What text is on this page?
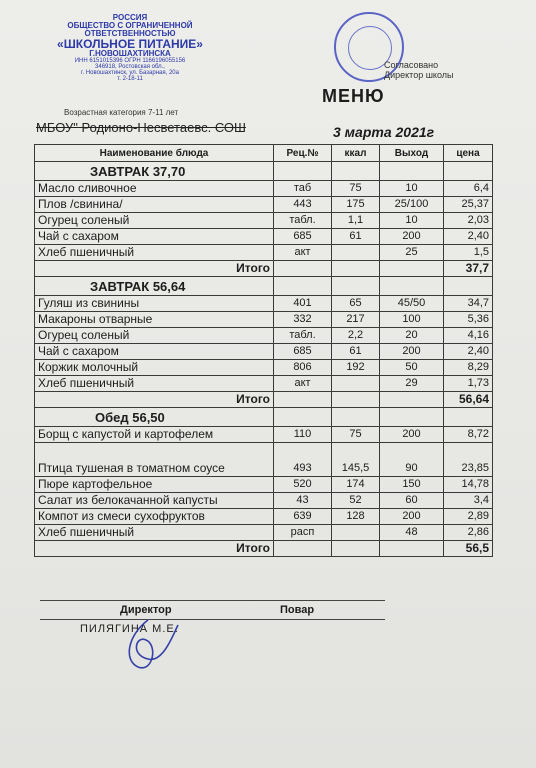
РОССИЯ
ОБЩЕСТВО С ОГРАНИЧЕННОЙ
ОТВЕТСТВЕННОСТЬЮ
«ШКОЛЬНОЕ ПИТАНИЕ»
Г.НОВОШАХТИНСКА
ИНН 6151015396 ОГРН 1166196055156
346918, Ростовская обл.,
г. Новошахтинск, ул. Базарная, 20а
т. 2-18-11
Согласовано
Директор школы
МЕНЮ
Возрастная категория 7-11 лет
МБОУ" Родионо-Несветаевс. СОШ	3 марта 2021г
Наименование блюда	Рец.№	ккал	Выход	цена
ЗАВТРАК 37,70				
Масло сливочное	таб	75	10	6,4
Плов /свинина/	443	175	25/100	25,37
Огурец соленый	табл.	1,1	10	2,03
Чай с сахаром	685	61	200	2,40
Хлеб пшеничный	акт		25	1,5
Итого				37,7
ЗАВТРАК 56,64				
Гуляш из свинины	401	65	45/50	34,7
Макароны отварные	332	217	100	5,36
Огурец соленый	табл.	2,2	20	4,16
Чай с сахаром	685	61	200	2,40
Коржик молочный	806	192	50	8,29
Хлеб пшеничный	акт		29	1,73
Итого				56,64
Обед 56,50				
Борщ с капустой и картофелем	110	75	200	8,72
Птица тушеная в томатном соусе	493	145,5	90	23,85
Пюре картофельное	520	174	150	14,78
Салат из белокачанной капусты	43	52	60	3,4
Компот из смеси сухофруктов	639	128	200	2,89
Хлеб пшеничный	расп		48	2,86
Итого				56,5
Директор	Повар
ПИЛЯГИНА М.Е.
